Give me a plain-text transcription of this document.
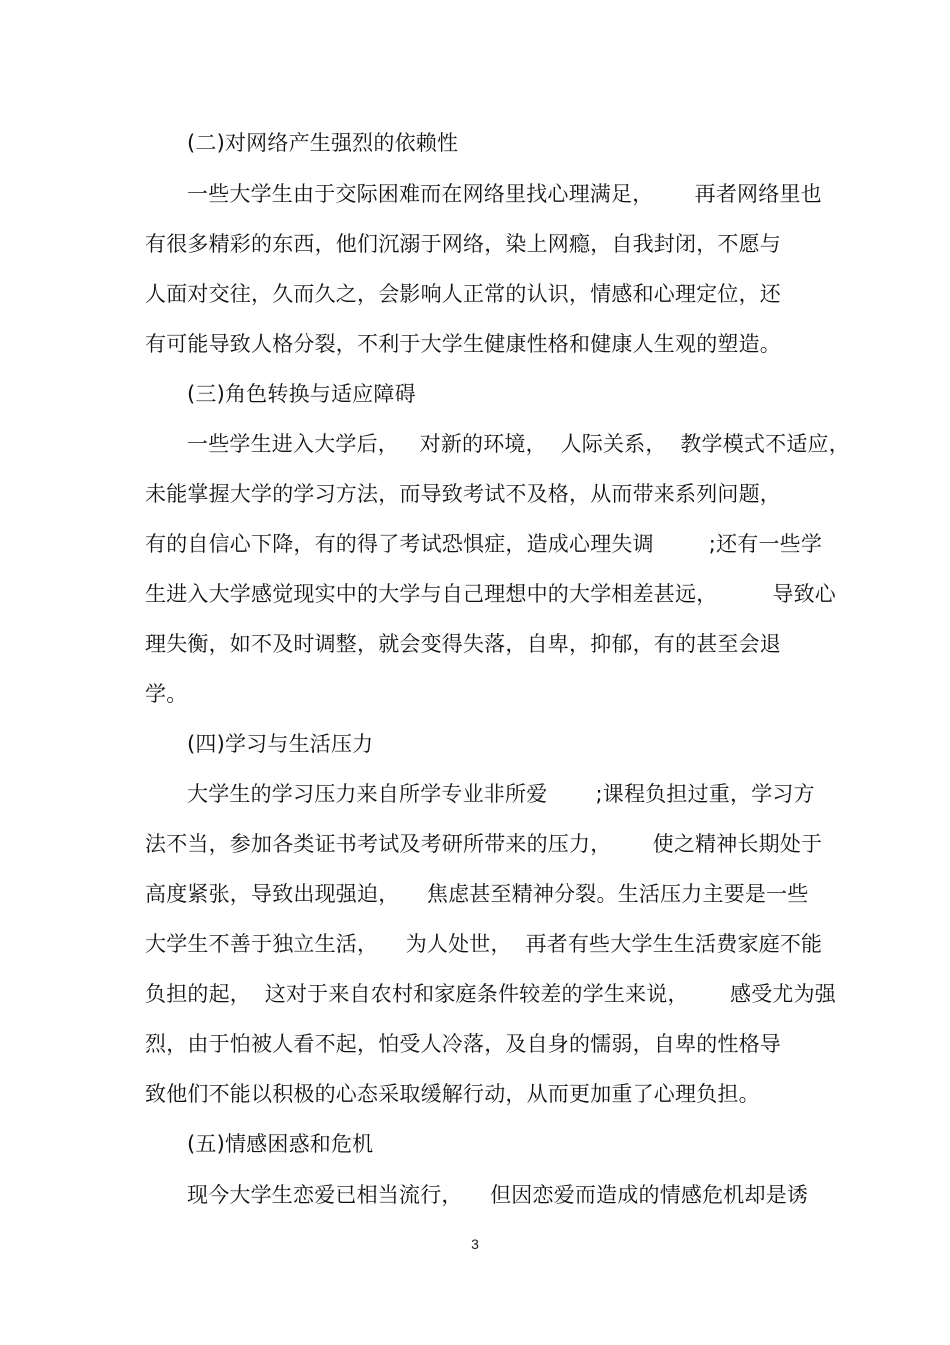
(二)对网络产生强烈的依赖性
一些大学生由于交际困难而在网络里找心理满足，      再者网络里也
有很多精彩的东西，他们沉溺于网络，染上网瘾，自我封闭，不愿与
人面对交往，久而久之，会影响人正常的认识，情感和心理定位，还
有可能导致人格分裂，不利于大学生健康性格和健康人生观的塑造。
(三)角色转换与适应障碍
一些学生进入大学后，   对新的环境，  人际关系，  教学模式不适应，
未能掌握大学的学习方法，而导致考试不及格，从而带来系列问题，
有的自信心下降，有的得了考试恐惧症，造成心理失调        ;还有一些学
生进入大学感觉现实中的大学与自己理想中的大学相差甚远，        导致心
理失衡，如不及时调整，就会变得失落，自卑，抑郁，有的甚至会退
学。
(四)学习与生活压力
大学生的学习压力来自所学专业非所爱       ;课程负担过重，学习方
法不当，参加各类证书考试及考研所带来的压力，      使之精神长期处于
高度紧张，导致出现强迫，    焦虑甚至精神分裂。生活压力主要是一些
大学生不善于独立生活，    为人处世，  再者有些大学生生活费家庭不能
负担的起，  这对于来自农村和家庭条件较差的学生来说，      感受尤为强
烈，由于怕被人看不起，怕受人冷落，及自身的懦弱，自卑的性格导
致他们不能以积极的心态采取缓解行动，从而更加重了心理负担。
(五)情感困惑和危机
现今大学生恋爱已相当流行，    但因恋爱而造成的情感危机却是诱
3
